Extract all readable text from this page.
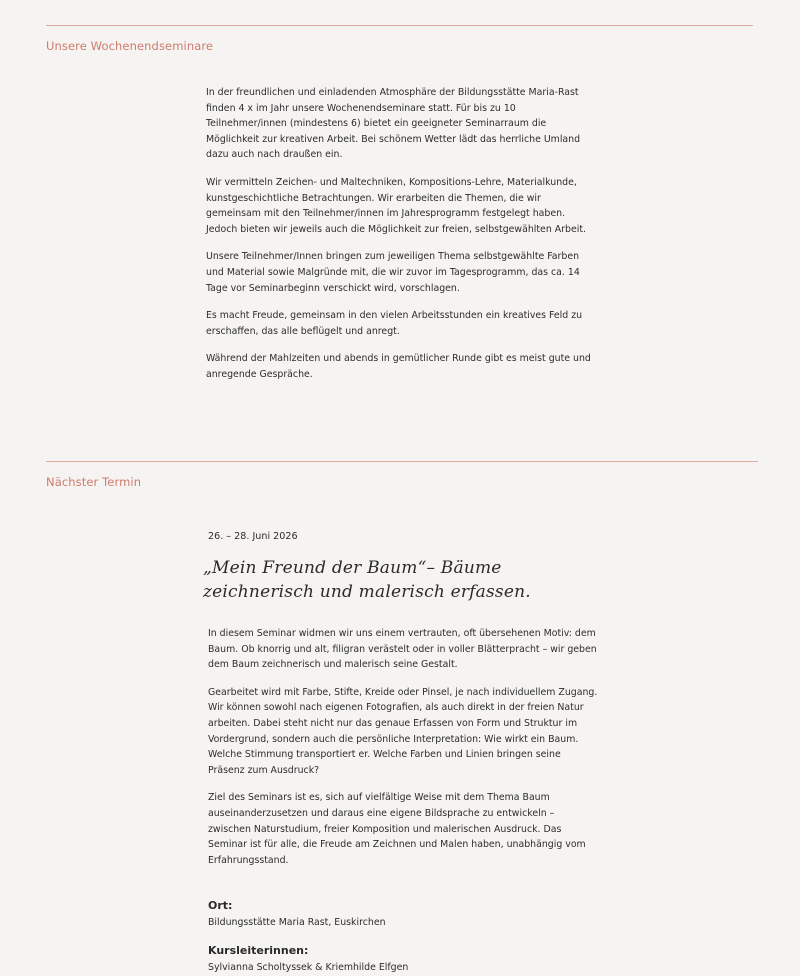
Unsere Wochenendseminare

In der freundlichen und einladenden Atmosphäre der Bildungsstätte Maria-Rast finden 4 x im Jahr unsere Wochenendseminare statt. Für bis zu 10 Teilnehmer/innen (mindestens 6) bietet ein geeigneter Seminarraum die Möglichkeit zur kreativen Arbeit. Bei schönem Wetter lädt das herrliche Umland dazu auch nach draußen ein.

Wir vermitteln Zeichen- und Maltechniken, Kompositions-Lehre, Materialkunde, kunstgeschichtliche Betrachtungen. Wir erarbeiten die Themen, die wir gemeinsam mit den Teilnehmer/innen im Jahresprogramm festgelegt haben. Jedoch bieten wir jeweils auch die Möglichkeit zur freien, selbstgewählten Arbeit.

Unsere Teilnehmer/Innen bringen zum jeweiligen Thema selbstgewählte Farben und Material sowie Malgründe mit, die wir zuvor im Tagesprogramm, das ca. 14 Tage vor Seminarbeginn verschickt wird, vorschlagen.

Es macht Freude, gemeinsam in den vielen Arbeitsstunden ein kreatives Feld zu erschaffen, das alle beflügelt und anregt.

Während der Mahlzeiten und abends in gemütlicher Runde gibt es meist gute und anregende Gespräche.

Nächster Termin
26. – 28. Juni 2026
„Mein Freund der Baum“– Bäume zeichnerisch und malerisch erfassen.

In diesem Seminar widmen wir uns einem vertrauten, oft übersehenen Motiv: dem Baum. Ob knorrig und alt, filigran verästelt oder in voller Blätterpracht – wir geben dem Baum zeichnerisch und malerisch seine Gestalt.

Gearbeitet wird mit Farbe, Stifte, Kreide oder Pinsel, je nach individuellem Zugang. Wir können sowohl nach eigenen Fotografien, als auch direkt in der freien Natur arbeiten. Dabei steht nicht nur das genaue Erfassen von Form und Struktur im Vordergrund, sondern auch die persönliche Interpretation: Wie wirkt ein Baum. Welche Stimmung transportiert er. Welche Farben und Linien bringen seine Präsenz zum Ausdruck?

Ziel des Seminars ist es, sich auf vielfältige Weise mit dem Thema Baum auseinanderzusetzen und daraus eine eigene Bildsprache zu entwickeln – zwischen Naturstudium, freier Komposition und malerischen Ausdruck. Das Seminar ist für alle, die Freude am Zeichnen und Malen haben, unabhängig vom Erfahrungsstand.

Ort:
Bildungsstätte Maria Rast, Euskirchen
Kursleiterinnen:
Sylvianna Scholtyssek & Kriemhilde Elfgen
